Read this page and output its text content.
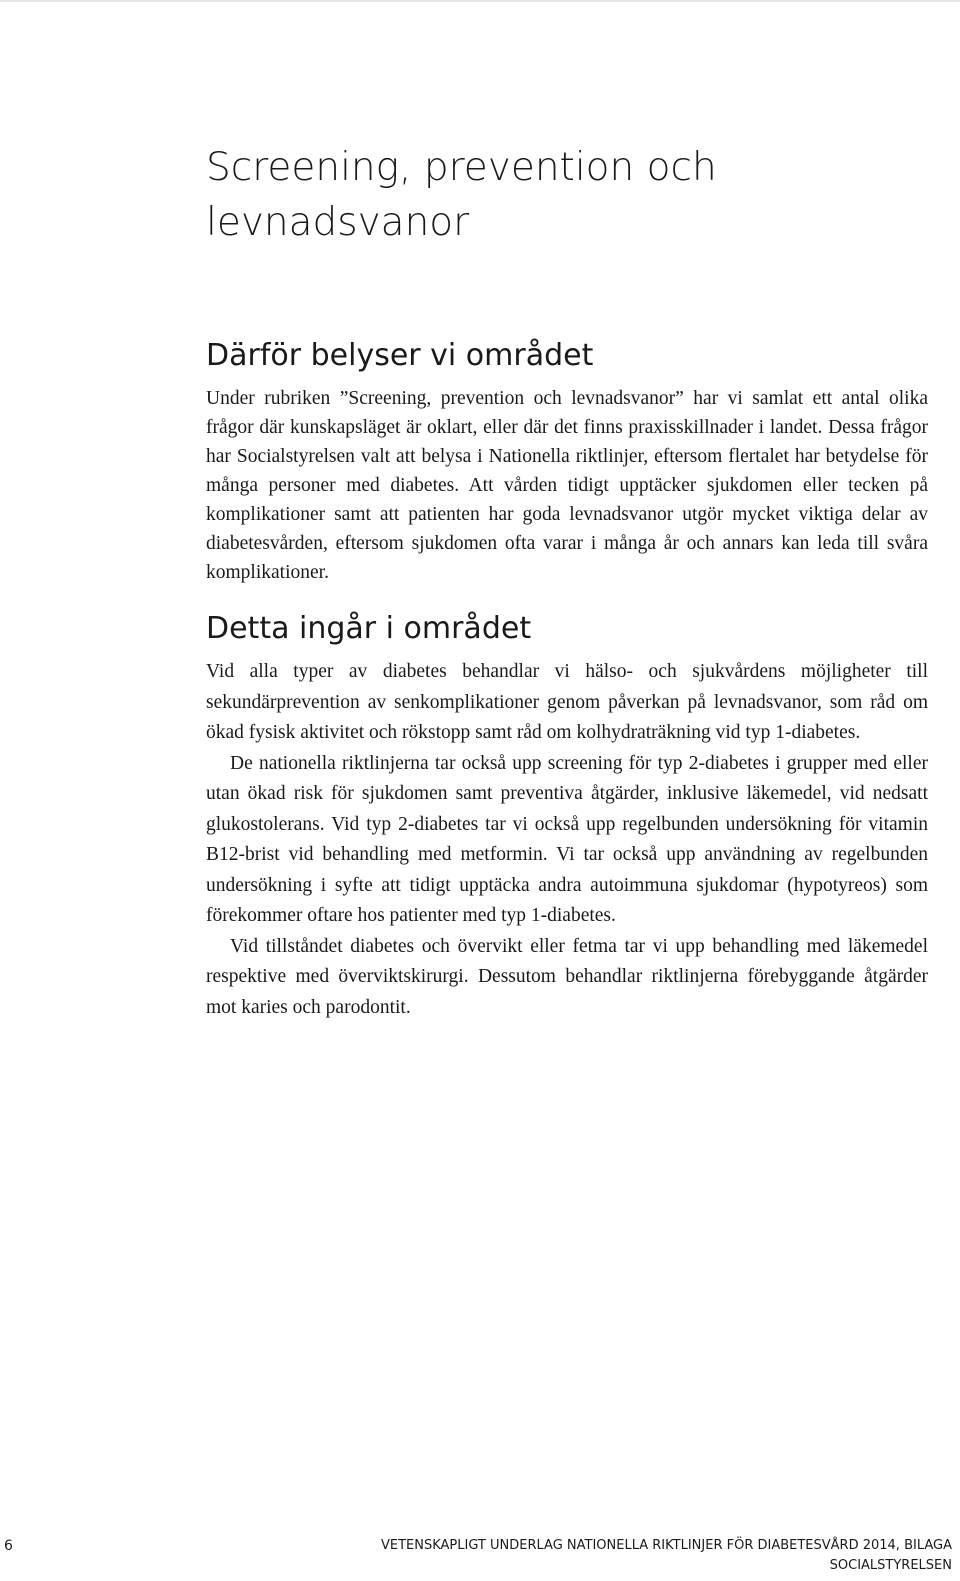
Screening, prevention och levnadsvanor
Därför belyser vi området

Under rubriken ”Screening, prevention och levnadsvanor” har vi samlat ett antal olika frågor där kunskapsläget är oklart, eller där det finns praxisskillnader i landet. Dessa frågor har Socialstyrelsen valt att belysa i Nationella riktlinjer, eftersom flertalet har betydelse för många personer med diabetes. Att vården tidigt upptäcker sjukdomen eller tecken på komplikationer samt att patienten har goda levnadsvanor utgör mycket viktiga delar av diabetesvården, eftersom sjukdomen ofta varar i många år och annars kan leda till svåra komplikationer.

Detta ingår i området

Vid alla typer av diabetes behandlar vi hälso- och sjukvårdens möjligheter till sekundärprevention av senkomplikationer genom påverkan på levnadsvanor, som råd om ökad fysisk aktivitet och rökstopp samt råd om kolhydraträkning vid typ 1-diabetes.

De nationella riktlinjerna tar också upp screening för typ 2-diabetes i grupper med eller utan ökad risk för sjukdomen samt preventiva åtgärder, inklusive läkemedel, vid nedsatt glukostolerans. Vid typ 2-diabetes tar vi också upp regelbunden undersökning för vitamin B12-brist vid behandling med metformin. Vi tar också upp användning av regelbunden undersökning i syfte att tidigt upptäcka andra autoimmuna sjukdomar (hypotyreos) som förekommer oftare hos patienter med typ 1-diabetes.

Vid tillståndet diabetes och övervikt eller fetma tar vi upp behandling med läkemedel respektive med överviktskirurgi. Dessutom behandlar riktlinjerna förebyggande åtgärder mot karies och parodontit.

6	VETENSKAPLIGT UNDERLAG NATIONELLA RIKTLINJER FÖR DIABETESVÅRD 2014, BILAGA
SOCIALSTYRELSEN
